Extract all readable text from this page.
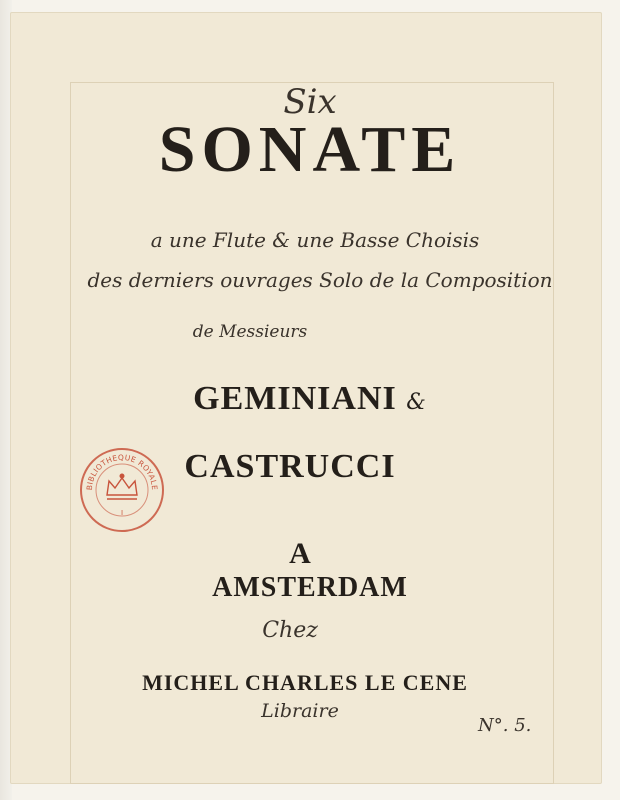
Six
SONATE
a une Flute & une Basse Choisis
des derniers ouvrages Solo de la Composition
de Messieurs
GEMINIANI &
CASTRUCCI
A
AMSTERDAM
Chez
MICHEL CHARLES LE CENE
Libraire
N°. 5.
BIBLIOTHEQUE ROYALE
I
